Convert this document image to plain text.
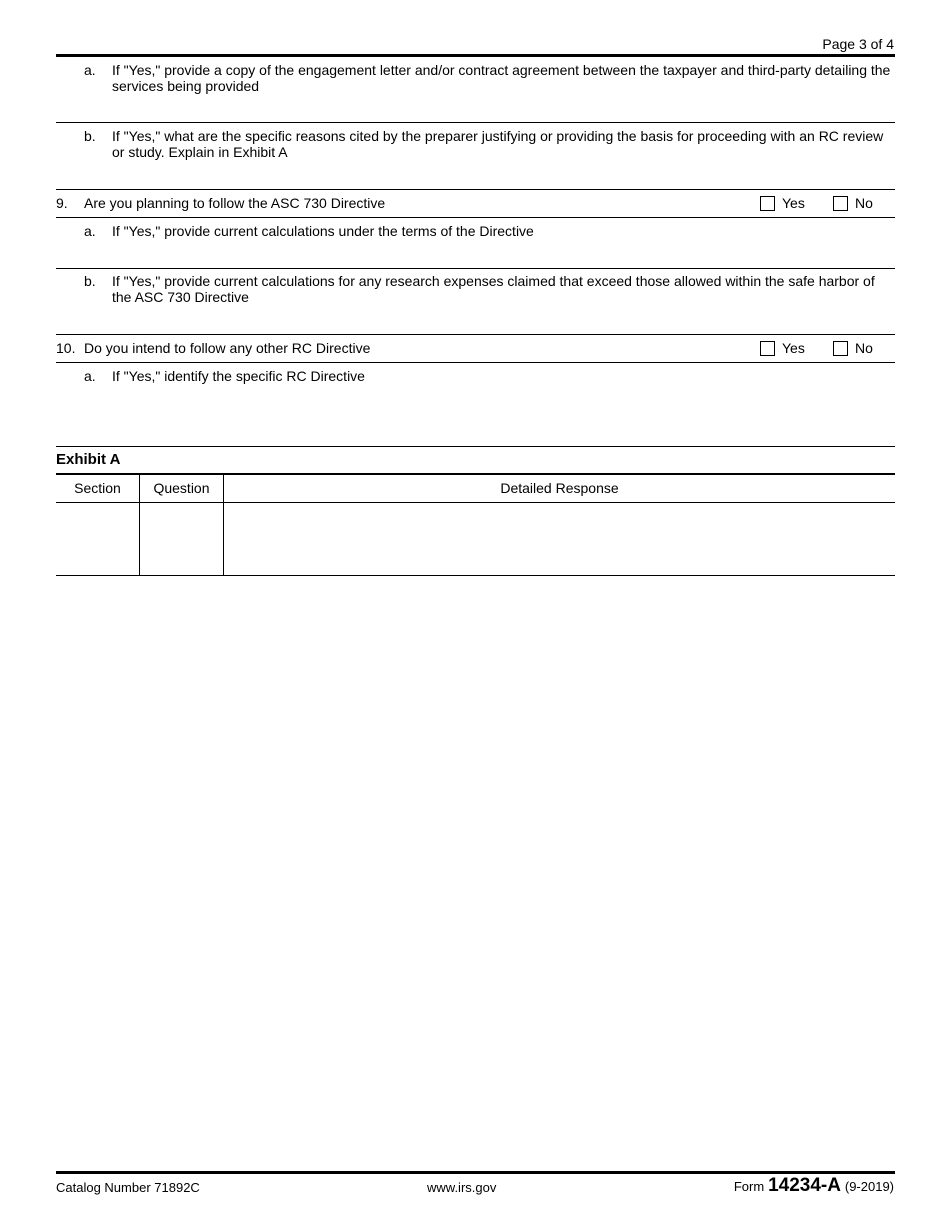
Page 3 of 4
a. If "Yes," provide a copy of the engagement letter and/or contract agreement between the taxpayer and third-party detailing the services being provided
b. If "Yes," what are the specific reasons cited by the preparer justifying or providing the basis for proceeding with an RC review or study. Explain in Exhibit A
9. Are you planning to follow the ASC 730 Directive	Yes	No
a. If "Yes," provide current calculations under the terms of the Directive
b. If "Yes," provide current calculations for any research expenses claimed that exceed those allowed within the safe harbor of the ASC 730 Directive
10. Do you intend to follow any other RC Directive	Yes	No
a. If "Yes," identify the specific RC Directive
Exhibit A
Section	Question	Detailed Response
Catalog Number 71892C	www.irs.gov	Form 14234-A (9-2019)
